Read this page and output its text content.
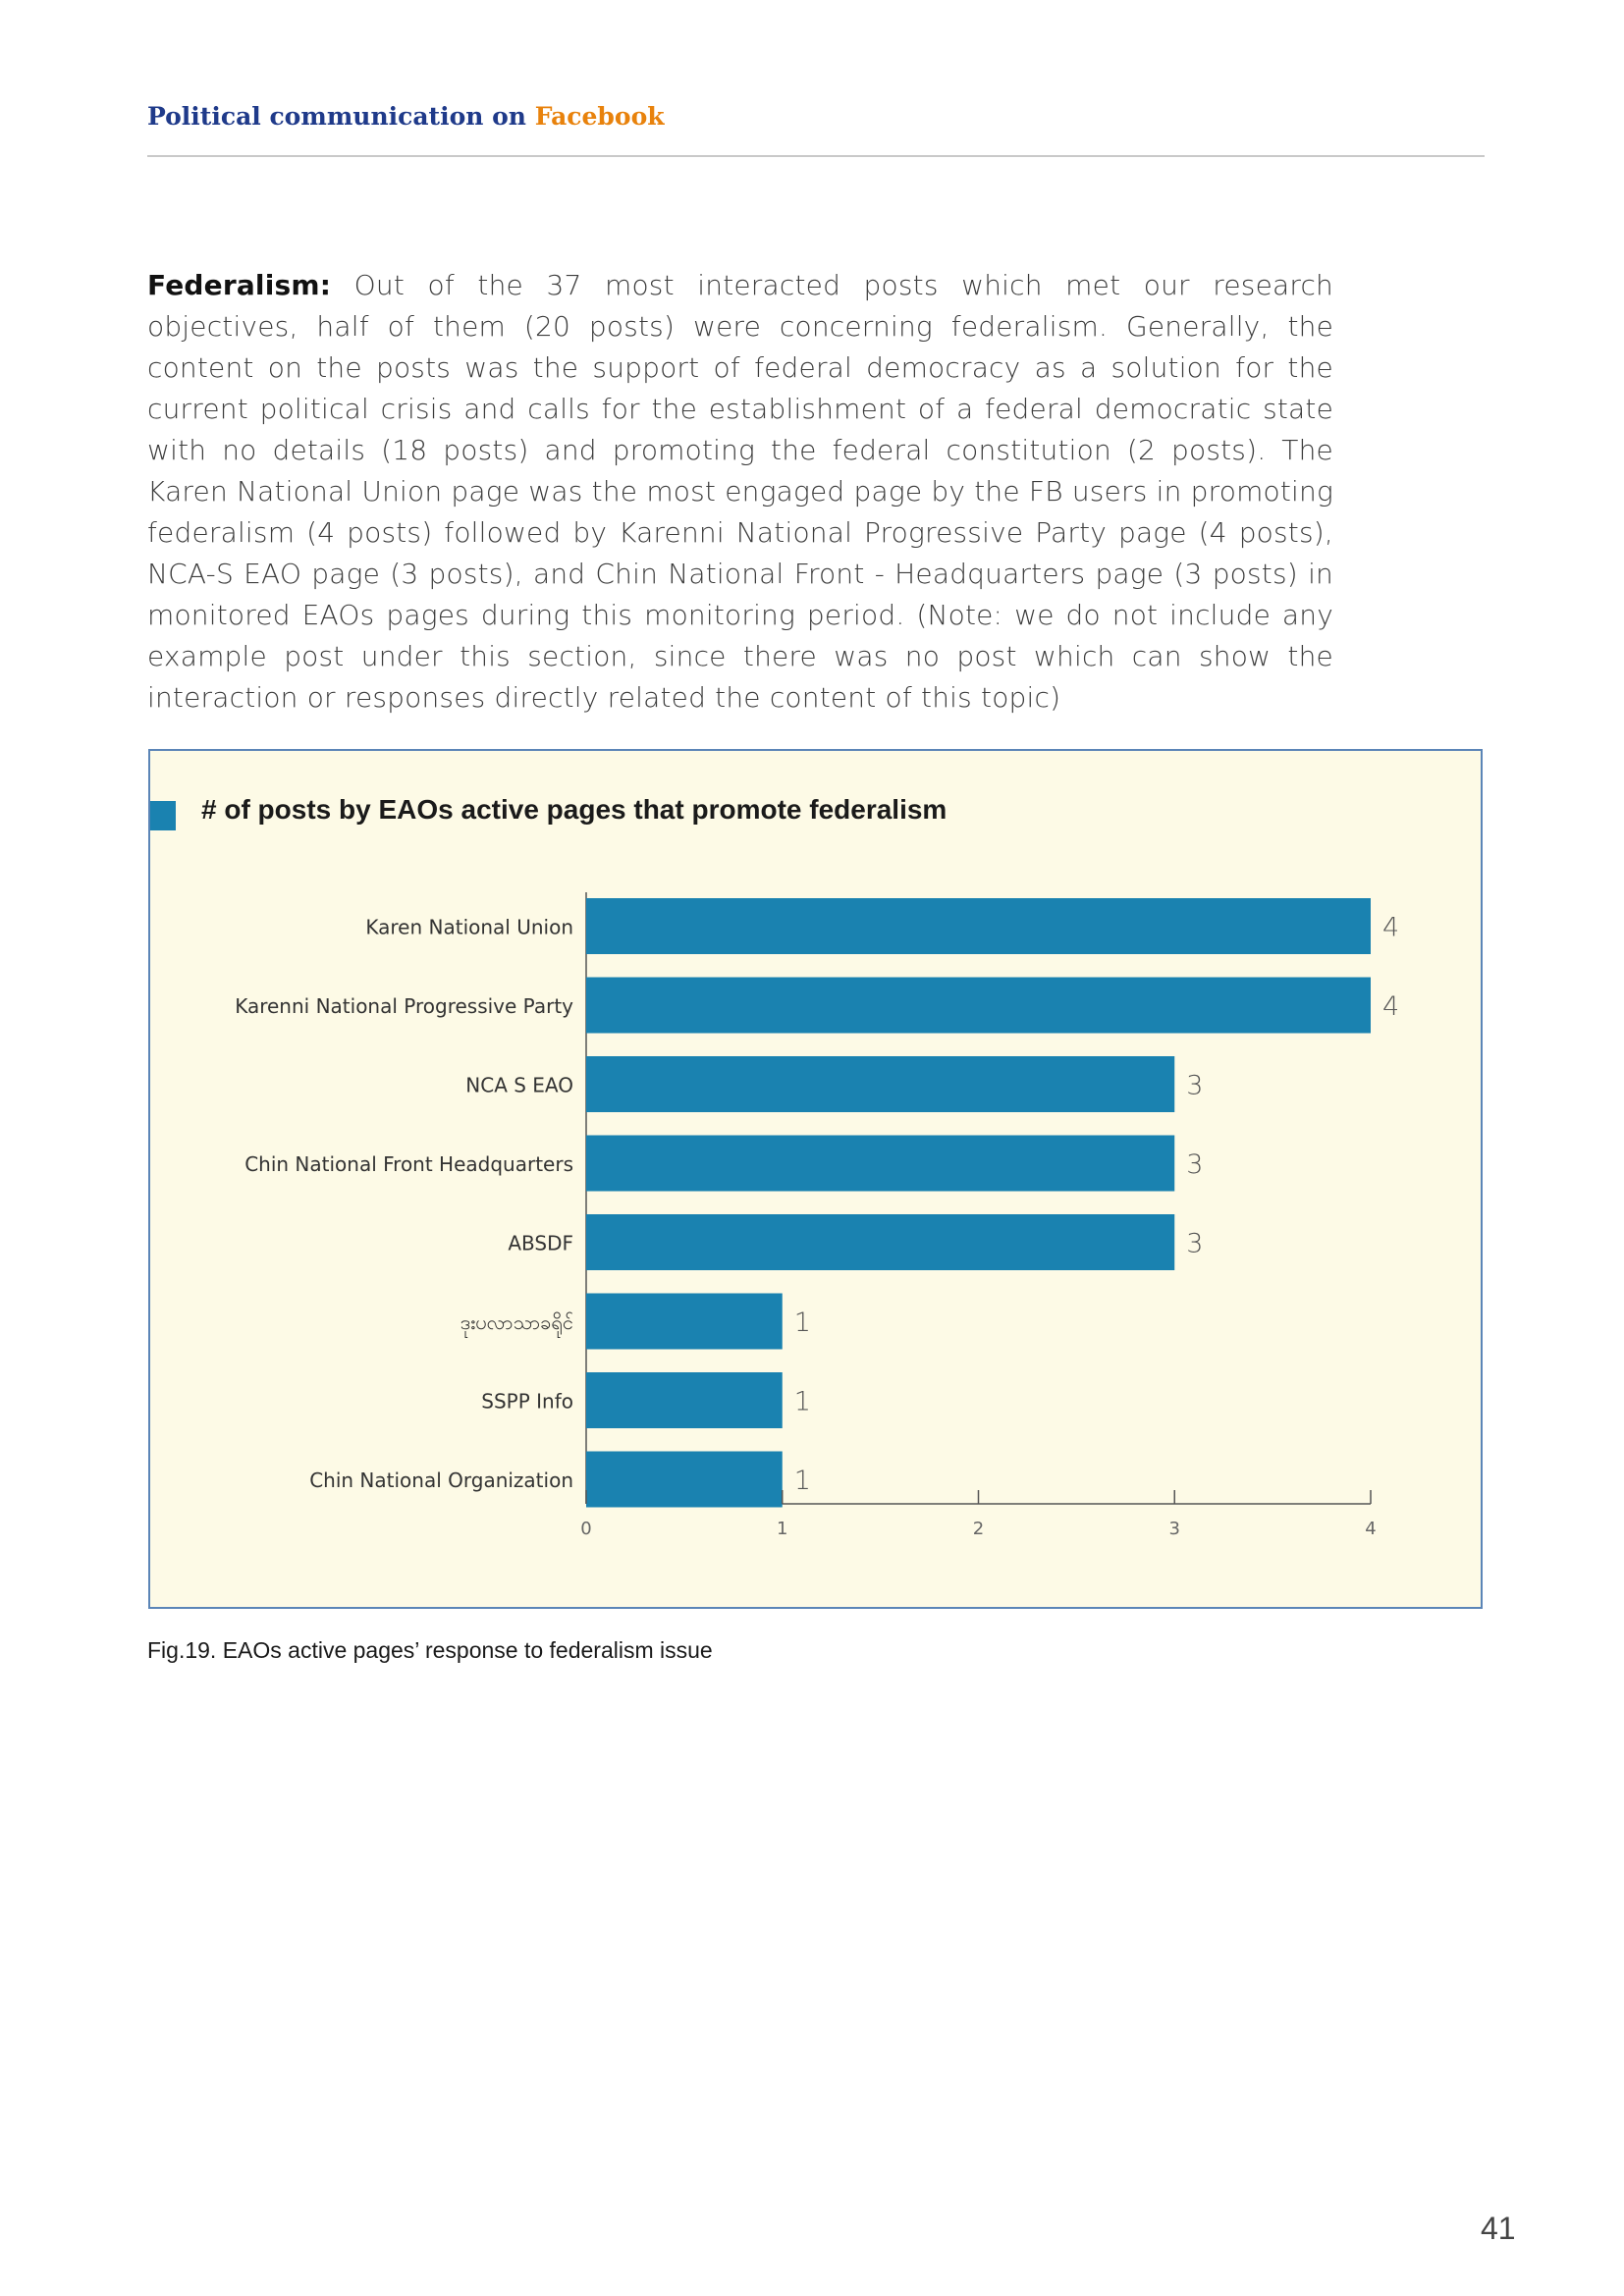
Political communication on Facebook
Federalism: Out of the 37 most interacted posts which met our research objectives, half of them (20 posts) were concerning federalism. Generally, the content on the posts was the support of federal democracy as a solution for the current political crisis and calls for the establishment of a federal democratic state with no details (18 posts) and promoting the federal constitution (2 posts). The Karen National Union page was the most engaged page by the FB users in promoting federalism (4 posts) followed by Karenni National Progressive Party page (4 posts), NCA-S EAO page (3 posts), and Chin National Front - Headquarters page (3 posts) in monitored EAOs pages during this monitoring period. (Note: we do not include any example post under this section, since there was no post which can show the interaction or responses directly related the content of this topic)
# of posts by EAOs active pages that promote federalism
Karen National Union	4
Karenni National Progressive Party	4
NCA S EAO	3
Chin National Front Headquarters	3
ABSDF	3
ဒုးပလာသာခရိုင်	1
SSPP Info	1
Chin National Organization	1
0	1	2	3	4
Fig.19. EAOs active pages’ response to federalism issue
41
